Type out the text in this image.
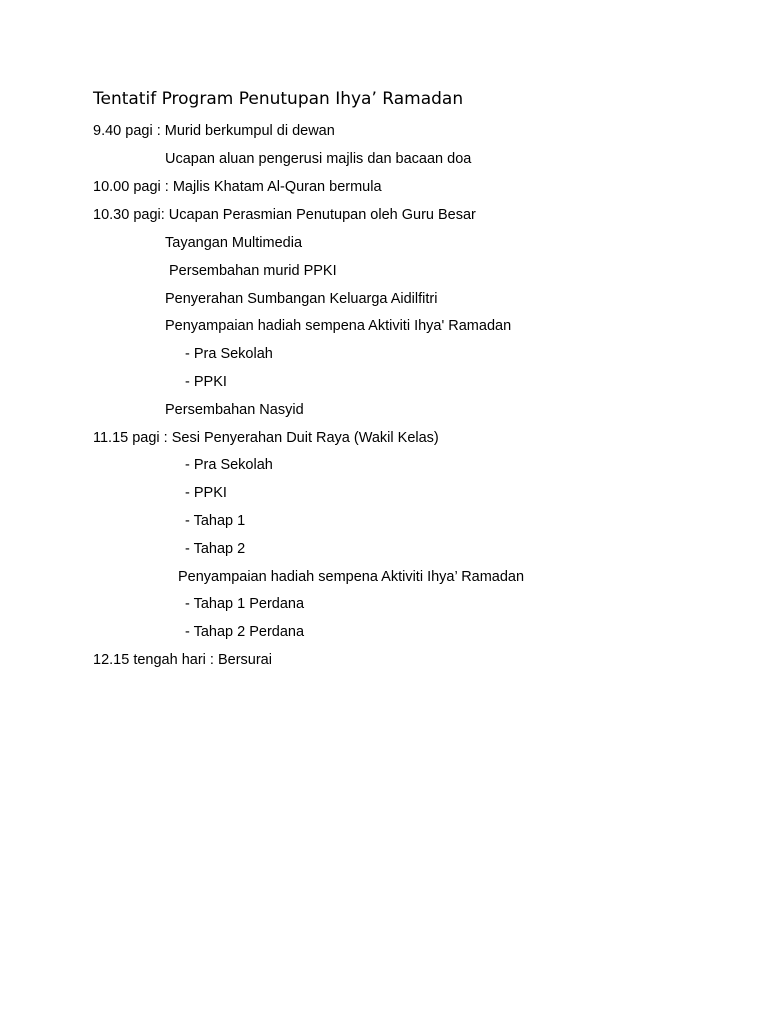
Tentatif Program Penutupan Ihya’ Ramadan
9.40 pagi : Murid berkumpul di dewan
Ucapan aluan pengerusi majlis dan bacaan doa
10.00 pagi : Majlis Khatam Al-Quran bermula
10.30 pagi: Ucapan Perasmian Penutupan oleh Guru Besar
Tayangan Multimedia
Persembahan murid PPKI
Penyerahan Sumbangan Keluarga Aidilfitri
Penyampaian hadiah sempena Aktiviti Ihya' Ramadan
- Pra Sekolah
- PPKI
Persembahan Nasyid
11.15 pagi : Sesi Penyerahan Duit Raya (Wakil Kelas)
- Pra Sekolah
- PPKI
- Tahap 1
- Tahap 2
Penyampaian hadiah sempena Aktiviti Ihya’ Ramadan
- Tahap 1 Perdana
- Tahap 2 Perdana
12.15 tengah hari : Bersurai
